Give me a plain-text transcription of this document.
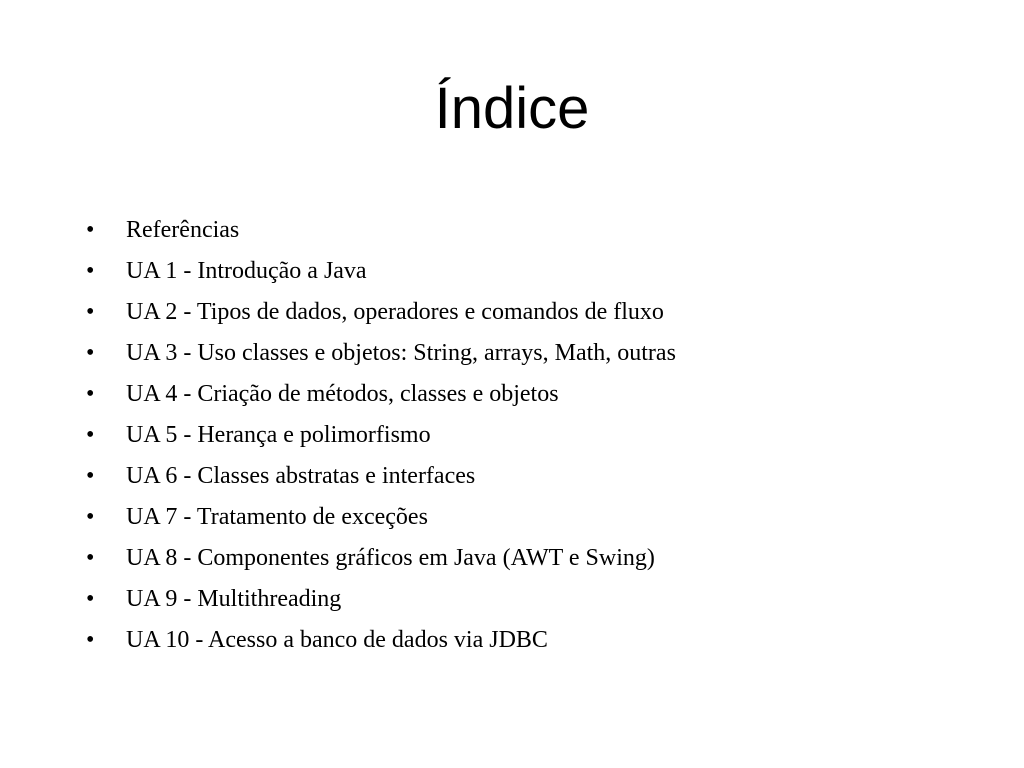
Índice
•	Referências
•	UA 1 - Introdução a Java
•	UA 2 - Tipos de dados, operadores e comandos de fluxo
•	UA 3 - Uso classes e objetos: String, arrays, Math, outras
•	UA 4 - Criação de métodos, classes e objetos
•	UA 5 - Herança e polimorfismo
•	UA 6 - Classes abstratas e interfaces
•	UA 7 - Tratamento de exceções
•	UA 8 - Componentes gráficos em Java (AWT e Swing)
•	UA 9 - Multithreading
•	UA 10 - Acesso a banco de dados via JDBC
